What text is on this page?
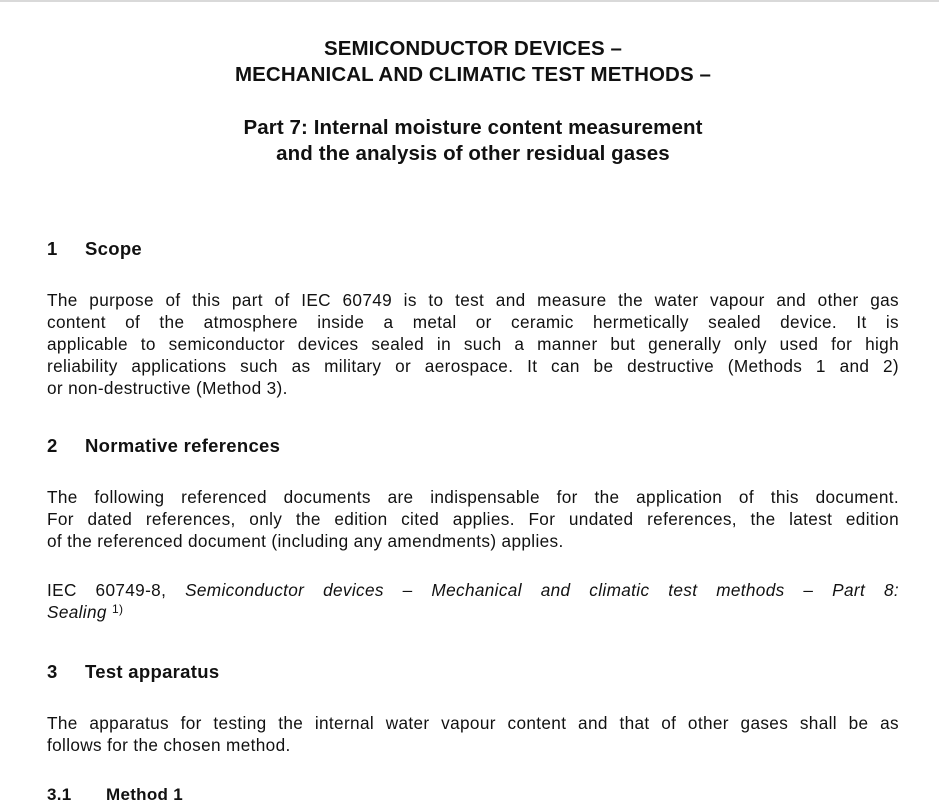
SEMICONDUCTOR DEVICES –
MECHANICAL AND CLIMATIC TEST METHODS –
Part 7: Internal moisture content measurement
and the analysis of other residual gases
1 Scope
The purpose of this part of IEC 60749 is to test and measure the water vapour and other gas
content of the atmosphere inside a metal or ceramic hermetically sealed device. It is
applicable to semiconductor devices sealed in such a manner but generally only used for high
reliability applications such as military or aerospace. It can be destructive (Methods 1 and 2)
or non-destructive (Method 3).
2 Normative references
The following referenced documents are indispensable for the application of this document.
For dated references, only the edition cited applies. For undated references, the latest edition
of the referenced document (including any amendments) applies.
IEC 60749-8, Semiconductor devices – Mechanical and climatic test methods – Part 8:
Sealing $^{1)}$
3 Test apparatus
The apparatus for testing the internal water vapour content and that of other gases shall be as
follows for the chosen method.
3.1 Method 1
